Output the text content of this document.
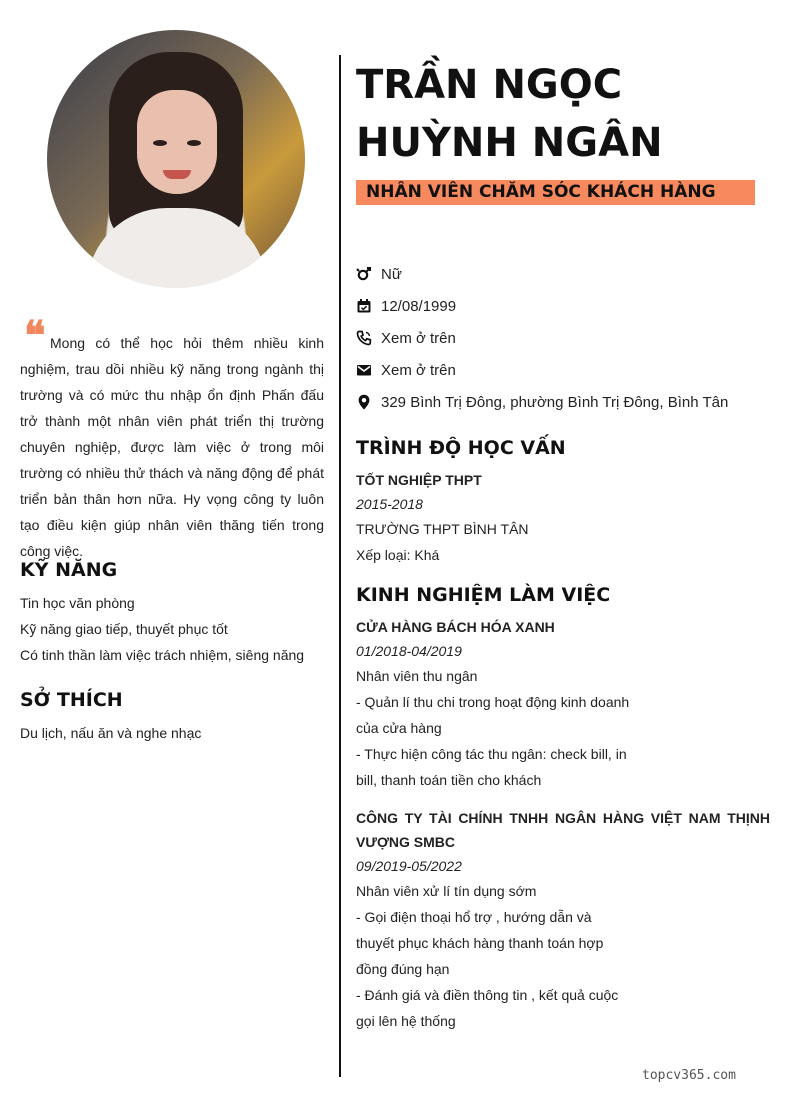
❝ Mong có thể học hỏi thêm nhiều kinh nghiệm, trau dồi nhiều kỹ năng trong ngành thị trường và có mức thu nhập ổn định Phấn đấu trở thành một nhân viên phát triển thị trường chuyên nghiệp, được làm việc ở trong môi trường có nhiều thử thách và năng động để phát triển bản thân hơn nữa. Hy vọng công ty luôn tạo điều kiện giúp nhân viên thăng tiến trong công việc.

KỸ NĂNG
Tin học văn phòng
Kỹ năng giao tiếp, thuyết phục tốt
Có tinh thần làm việc trách nhiệm, siêng năng
SỞ THÍCH
Du lịch, nấu ăn và nghe nhạc
TRẦN NGỌC HUỲNH NGÂN
NHÂN VIÊN CHĂM SÓC KHÁCH HÀNG
Nữ
12/08/1999
Xem ở trên
Xem ở trên
329 Bình Trị Đông, phường Bình Trị Đông, Bình Tân
TRÌNH ĐỘ HỌC VẤN
TỐT NGHIỆP THPT
2015-2018
TRƯỜNG THPT BÌNH TÂN
Xếp loại: Khá
KINH NGHIỆM LÀM VIỆC
CỬA HÀNG BÁCH HÓA XANH
01/2018-04/2019
Nhân viên thu ngân
- Quản lí thu chi trong hoạt động kinh doanh của cửa hàng
- Thực hiện công tác thu ngân: check bill, in bill, thanh toán tiền cho khách
CÔNG TY TÀI CHÍNH TNHH NGÂN HÀNG VIỆT NAM THỊNH VƯỢNG SMBC
09/2019-05/2022
Nhân viên xử lí tín dụng sớm
- Gọi điện thoại hổ trợ , hướng dẫn và thuyết phục khách hàng thanh toán hợp đồng đúng hạn
- Đánh giá và điền thông tin , kết quả cuộc gọi lên hệ thống
topcv365.com
